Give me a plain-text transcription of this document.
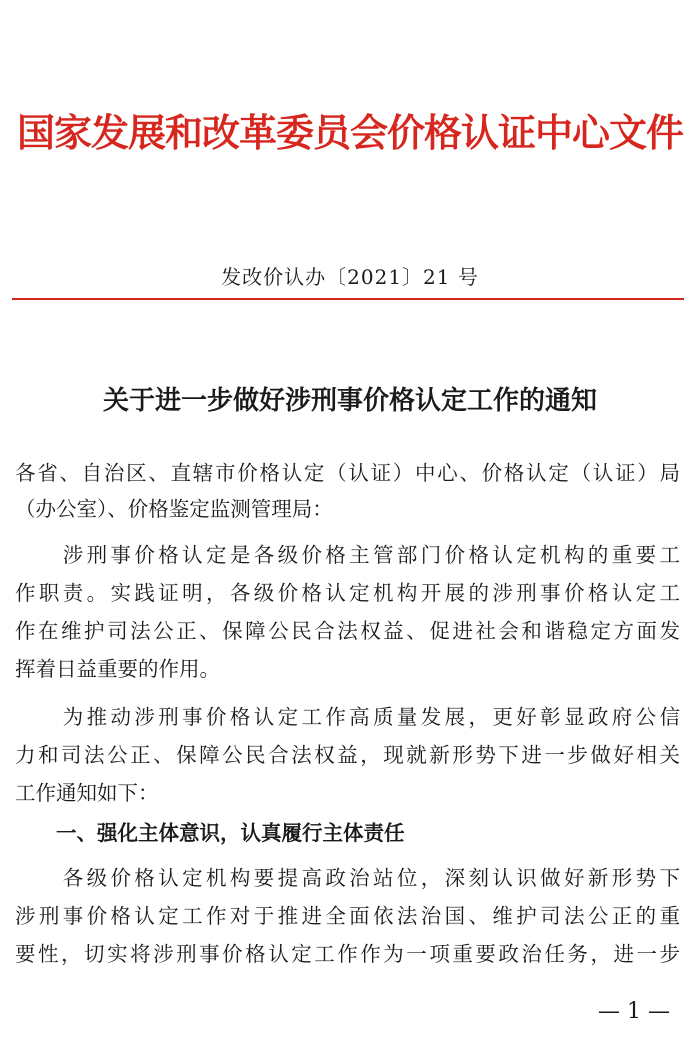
国家发展和改革委员会价格认证中心文件
发改价认办〔2021〕21 号
关于进一步做好涉刑事价格认定工作的通知
各省、自治区、直辖市价格认定（认证）中心、价格认定（认证）局
（办公室）、价格鉴定监测管理局：
　　涉刑事价格认定是各级价格主管部门价格认定机构的重要工
作职责。实践证明，各级价格认定机构开展的涉刑事价格认定工
作在维护司法公正、保障公民合法权益、促进社会和谐稳定方面发
挥着日益重要的作用。
　　为推动涉刑事价格认定工作高质量发展，更好彰显政府公信
力和司法公正、保障公民合法权益，现就新形势下进一步做好相关
工作通知如下：
　　一、强化主体意识，认真履行主体责任
　　各级价格认定机构要提高政治站位，深刻认识做好新形势下
涉刑事价格认定工作对于推进全面依法治国、维护司法公正的重
要性，切实将涉刑事价格认定工作作为一项重要政治任务，进一步
— 1 —
